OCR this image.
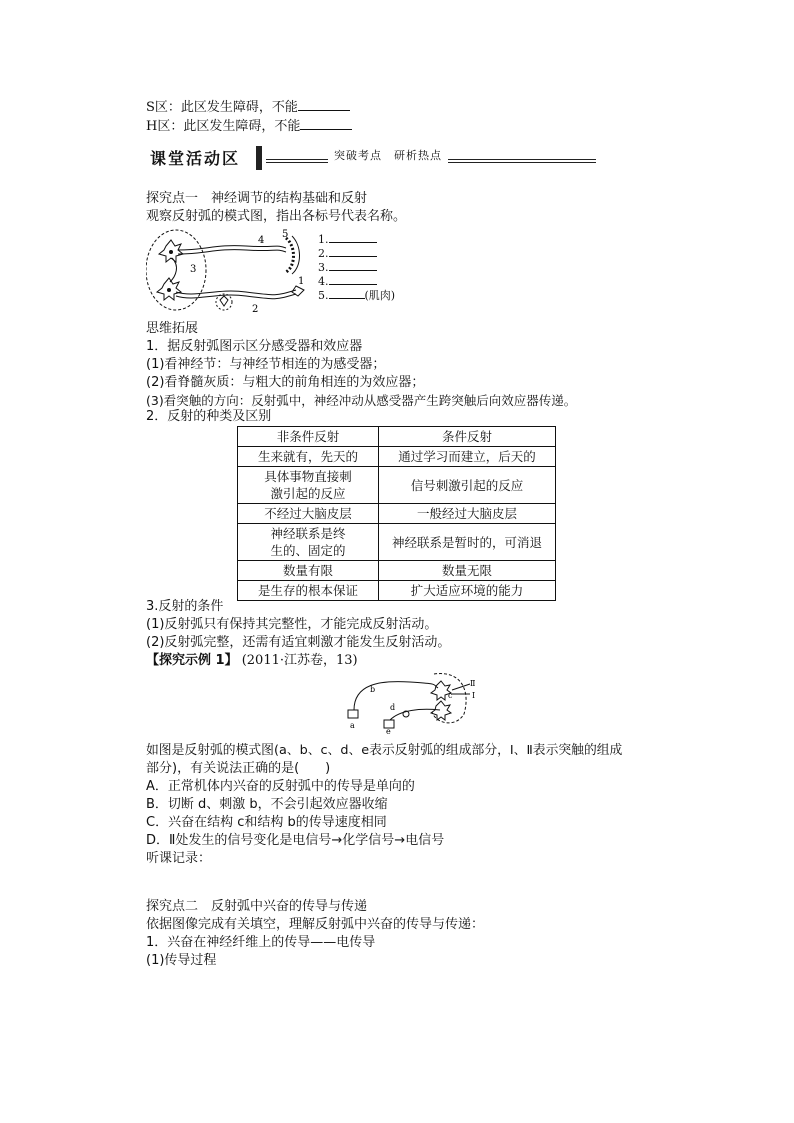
S区：此区发生障碍，不能
H区：此区发生障碍，不能
课堂活动区	突破考点　研析热点
探究点一　神经调节的结构基础和反射
观察反射弧的模式图，指出各标号代表名称。
4
5
3
2
1
1.
2.
3.
4.
5.	(肌肉)
思维拓展
1．据反射弧图示区分感受器和效应器
(1)看神经节：与神经节相连的为感受器；
(2)看脊髓灰质：与粗大的前角相连的为效应器；
(3)看突触的方向：反射弧中，神经冲动从感受器产生跨突触后向效应器传递。
2．反射的种类及区别
非条件反射	条件反射
生来就有，先天的	通过学习而建立，后天的

具体事物直接刺
激引起的反应	信号刺激引起的反应
不经过大脑皮层	一般经过大脑皮层

神经联系是终
生的、固定的	神经联系是暂时的，可消退
数量有限	数量无限
是生存的根本保证	扩大适应环境的能力
3.反射的条件
(1)反射弧只有保持其完整性，才能完成反射活动。
(2)反射弧完整，还需有适宜刺激才能发生反射活动。
【探究示例 1】 (2011·江苏卷，13)
a
b
c
d
e
Ⅰ
Ⅱ
如图是反射弧的模式图(a、b、c、d、e表示反射弧的组成部分，Ⅰ、Ⅱ表示突触的组成
部分)，有关说法正确的是(　　)
A．正常机体内兴奋的反射弧中的传导是单向的
B．切断 d、刺激 b，不会引起效应器收缩
C．兴奋在结构 c和结构 b的传导速度相同
D．Ⅱ处发生的信号变化是电信号→化学信号→电信号
听课记录：
探究点二　反射弧中兴奋的传导与传递
依据图像完成有关填空，理解反射弧中兴奋的传导与传递：
1．兴奋在神经纤维上的传导——电传导
(1)传导过程
